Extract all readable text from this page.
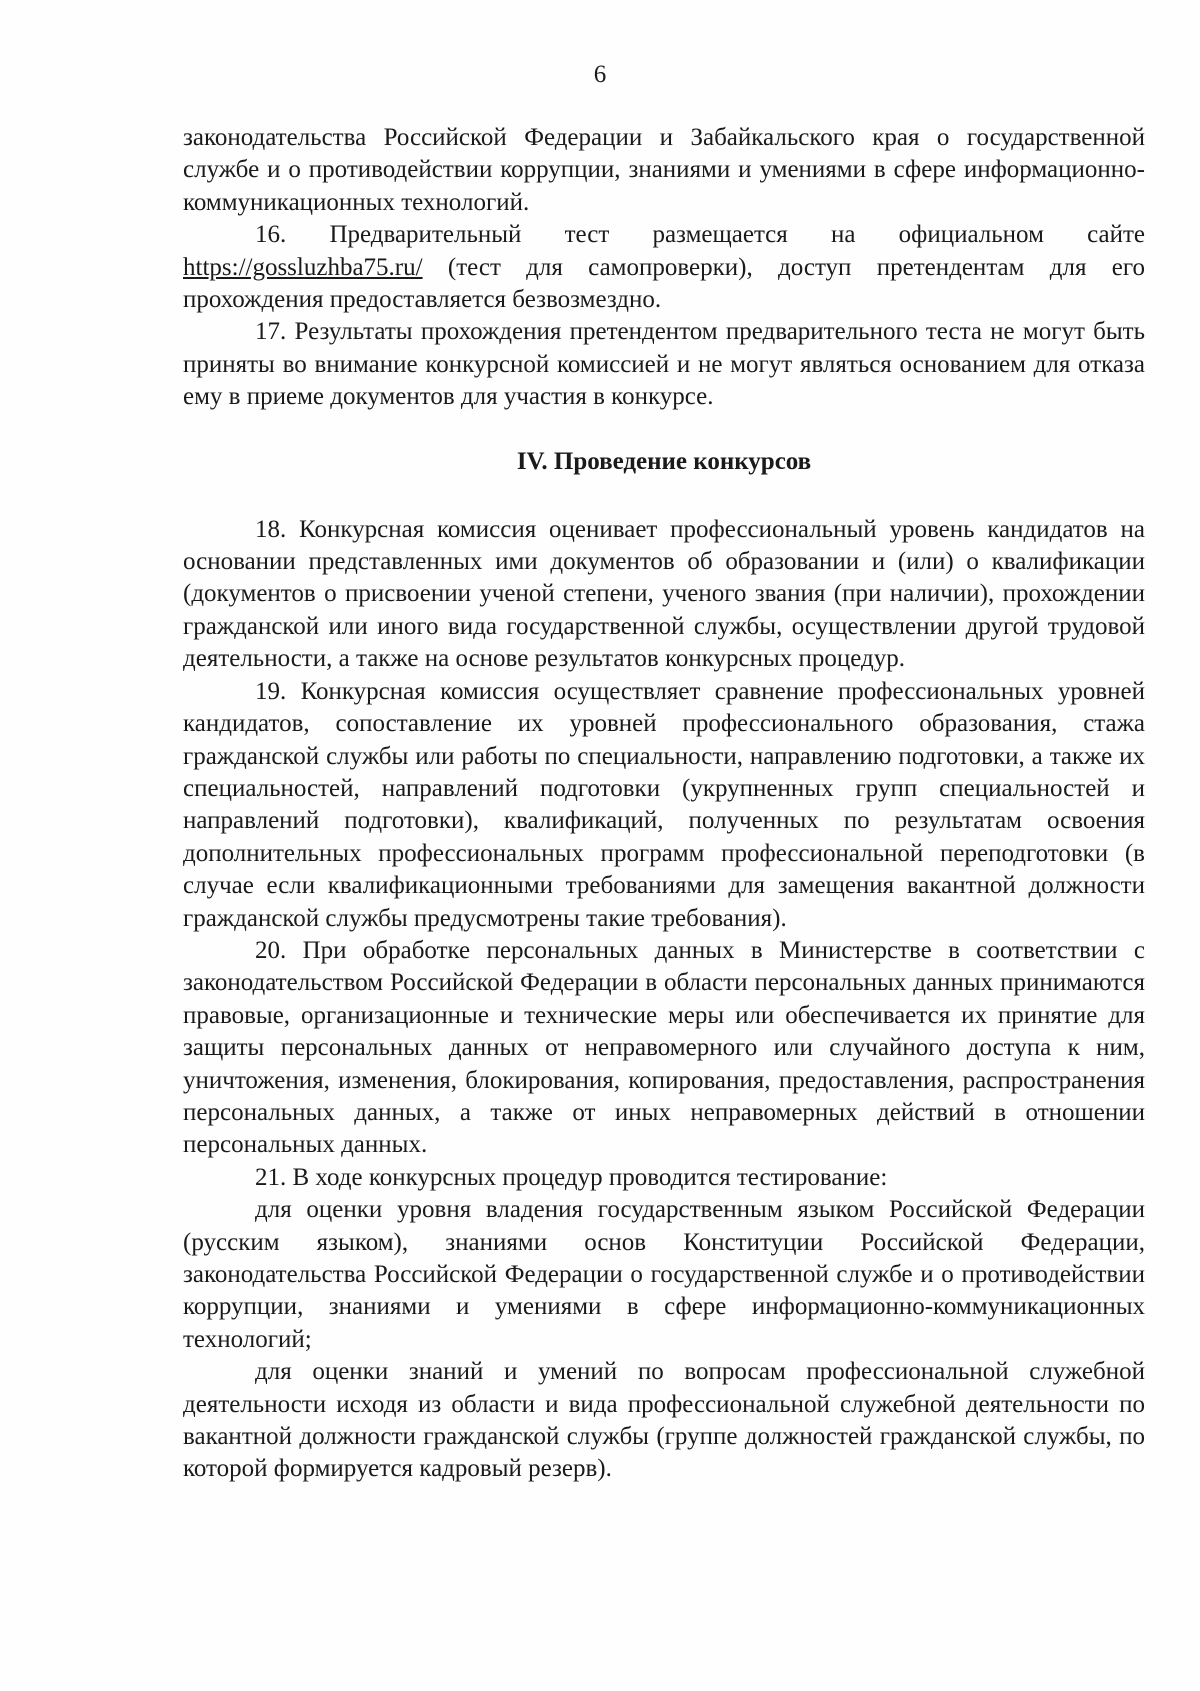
6

законодательства Российской Федерации и Забайкальского края о государственной службе и о противодействии коррупции, знаниями и умениями в сфере информационно-коммуникационных технологий.

16. Предварительный тест размещается на официальном сайте https://gossluzhba75.ru/ (тест для самопроверки), доступ претендентам для его прохождения предоставляется безвозмездно.

17. Результаты прохождения претендентом предварительного теста не могут быть приняты во внимание конкурсной комиссией и не могут являться основанием для отказа ему в приеме документов для участия в конкурсе.

IV. Проведение конкурсов

18. Конкурсная комиссия оценивает профессиональный уровень кандидатов на основании представленных ими документов об образовании и (или) о квалификации (документов о присвоении ученой степени, ученого звания (при наличии), прохождении гражданской или иного вида государственной службы, осуществлении другой трудовой деятельности, а также на основе результатов конкурсных процедур.

19. Конкурсная комиссия осуществляет сравнение профессиональных уровней кандидатов, сопоставление их уровней профессионального образования, стажа гражданской службы или работы по специальности, направлению подготовки, а также их специальностей, направлений подготовки (укрупненных групп специальностей и направлений подготовки), квалификаций, полученных по результатам освоения дополнительных профессиональных программ профессиональной переподготовки (в случае если квалификационными требованиями для замещения вакантной должности гражданской службы предусмотрены такие требования).

20. При обработке персональных данных в Министерстве в соответствии с законодательством Российской Федерации в области персональных данных принимаются правовые, организационные и технические меры или обеспечивается их принятие для защиты персональных данных от неправомерного или случайного доступа к ним, уничтожения, изменения, блокирования, копирования, предоставления, распространения персональных данных, а также от иных неправомерных действий в отношении персональных данных.

21. В ходе конкурсных процедур проводится тестирование:

для оценки уровня владения государственным языком Российской Федерации (русским языком), знаниями основ Конституции Российской Федерации, законодательства Российской Федерации о государственной службе и о противодействии коррупции, знаниями и умениями в сфере информационно-коммуникационных технологий;

для оценки знаний и умений по вопросам профессиональной служебной деятельности исходя из области и вида профессиональной служебной деятельности по вакантной должности гражданской службы (группе должностей гражданской службы, по которой формируется кадровый резерв).
